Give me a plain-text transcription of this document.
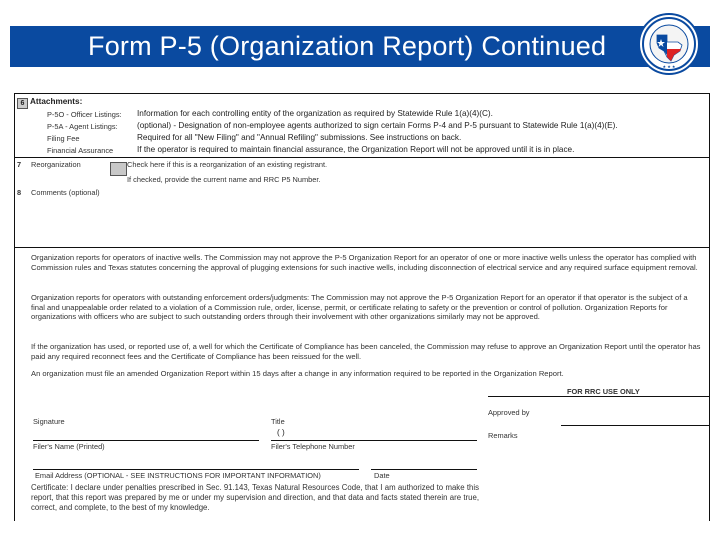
Form P-5 (Organization Report) Continued
★ ★ ★
6 Attachments:
P-5O - Officer Listings: Information for each controlling entity of the organization as required by Statewide Rule 1(a)(4)(C).
P-5A - Agent Listings: (optional) - Designation of non-employee agents authorized to sign certain Forms P-4 and P-5 pursuant to Statewide Rule 1(a)(4)(E).
Filing Fee	Required for all "New Filing" and "Annual Refiling" submissions. See instructions on back.
Financial Assurance	If the operator is required to maintain financial assurance, the Organization Report will not be approved until it is in place.
7 Reorganization	Check here if this is a reorganization of an existing registrant.
If checked, provide the current name and RRC P5 Number.
8 Comments (optional)
Organization reports for operators of inactive wells. The Commission may not approve the P-5 Organization Report for an operator of one or more inactive wells unless the operator has complied with Commission rules and Texas statutes concerning the approval of plugging extensions for such inactive wells, including disconnection of electrical service and any required surface equipment removal.
Organization reports for operators with outstanding enforcement orders/judgments: The Commission may not approve the P-5 Organization Report for an operator if that operator is the subject of a final and unappealable order related to a violation of a Commission rule, order, license, permit, or certificate relating to safety or the prevention or control of pollution. Organization Reports for organizations with officers who are subject to such outstanding orders through their involvement with other organizations similarly may not be approved.
If the organization has used, or reported use of, a well for which the Certificate of Compliance has been canceled, the Commission may refuse to approve an Organization Report until the operator has paid any required reconnect fees and the Certificate of Compliance has been reissued for the well.
An organization must file an amended Organization Report within 15 days after a change in any information required to be reported in the Organization Report.
FOR RRC USE ONLY
Approved by
Remarks
Signature	Title
( )
Filer's Name (Printed)	Filer's Telephone Number
Email Address (OPTIONAL - SEE INSTRUCTIONS FOR IMPORTANT INFORMATION)	Date
Certificate: I declare under penalties prescribed in Sec. 91.143, Texas Natural Resources Code, that I am authorized to make this report, that this report was prepared by me or under my supervision and direction, and that data and facts stated therein are true, correct, and complete, to the best of my knowledge.
